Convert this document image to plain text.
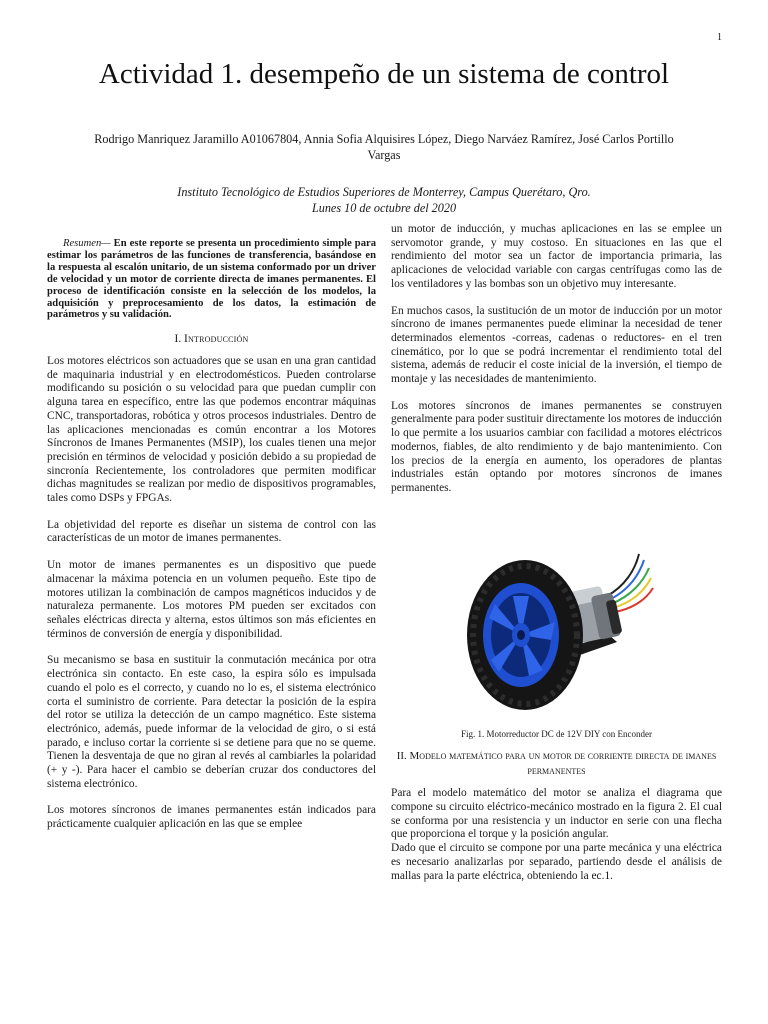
1
Actividad 1. desempeño de un sistema de control
Rodrigo Manriquez Jaramillo A01067804, Annia Sofia Alquisires López, Diego Narváez Ramírez, José Carlos Portillo Vargas
Instituto Tecnológico de Estudios Superiores de Monterrey, Campus Querétaro, Qro.
Lunes 10 de octubre del 2020

Resumen— En este reporte se presenta un procedimiento simple para estimar los parámetros de las funciones de transferencia, basándose en la respuesta al escalón unitario, de un sistema conformado por un driver de velocidad y un motor de corriente directa de imanes permanentes. El proceso de identificación consiste en la selección de los modelos, la adquisición y preprocesamiento de los datos, la estimación de parámetros y su validación.

I. Introducción

Los motores eléctricos son actuadores que se usan en una gran cantidad de maquinaria industrial y en electrodomésticos. Pueden controlarse modificando su posición o su velocidad para que puedan cumplir con alguna tarea en específico, entre las que podemos encontrar máquinas CNC, transportadoras, robótica y otros procesos industriales. Dentro de las aplicaciones mencionadas es común encontrar a los Motores Síncronos de Imanes Permanentes (MSIP), los cuales tienen una mejor precisión en términos de velocidad y posición debido a su propiedad de sincronía Recientemente, los controladores que permiten modificar dichas magnitudes se realizan por medio de dispositivos programables, tales como DSPs y FPGAs.

La objetividad del reporte es diseñar un sistema de control con las características de un motor de imanes permanentes.

Un motor de imanes permanentes es un dispositivo que puede almacenar la máxima potencia en un volumen pequeño. Este tipo de motores utilizan la combinación de campos magnéticos inducidos y de naturaleza permanente. Los motores PM pueden ser excitados con señales eléctricas directa y alterna, estos últimos son más eficientes en términos de conversión de energía y disponibilidad.

Su mecanismo se basa en sustituir la conmutación mecánica por otra electrónica sin contacto. En este caso, la espira sólo es impulsada cuando el polo es el correcto, y cuando no lo es, el sistema electrónico corta el suministro de corriente. Para detectar la posición de la espira del rotor se utiliza la detección de un campo magnético. Este sistema electrónico, además, puede informar de la velocidad de giro, o si está parado, e incluso cortar la corriente si se detiene para que no se queme. Tienen la desventaja de que no giran al revés al cambiarles la polaridad (+ y -). Para hacer el cambio se deberían cruzar dos conductores del sistema electrónico.

Los motores síncronos de imanes permanentes están indicados para prácticamente cualquier aplicación en las que se emplee

un motor de inducción, y muchas aplicaciones en las se emplee un servomotor grande, y muy costoso. En situaciones en las que el rendimiento del motor sea un factor de importancia primaria, las aplicaciones de velocidad variable con cargas centrífugas como las de los ventiladores y las bombas son un objetivo muy interesante.

En muchos casos, la sustitución de un motor de inducción por un motor síncrono de imanes permanentes puede eliminar la necesidad de tener determinados elementos -correas, cadenas o reductores- en el tren cinemático, por lo que se podrá incrementar el rendimiento total del sistema, además de reducir el coste inicial de la inversión, el tiempo de montaje y las necesidades de mantenimiento.

Los motores síncronos de imanes permanentes se construyen generalmente para poder sustituir directamente los motores de inducción lo que permite a los usuarios cambiar con facilidad a motores eléctricos modernos, fiables, de alto rendimiento y de bajo mantenimiento. Con los precios de la energía en aumento, los operadores de plantas industriales están optando por motores síncronos de imanes permanentes.

Fig. 1. Motorreductor DC de 12V DIY con Enconder

II. Modelo matemático para un motor de corriente directa de imanes permanentes

Para el modelo matemático del motor se analiza el diagrama que compone su circuito eléctrico-mecánico mostrado en la figura 2. El cual se conforma por una resistencia y un inductor en serie con una flecha que proporciona el torque y la posición angular.

Dado que el circuito se compone por una parte mecánica y una eléctrica es necesario analizarlas por separado, partiendo desde el análisis de mallas para la parte eléctrica, obteniendo la ec.1.
